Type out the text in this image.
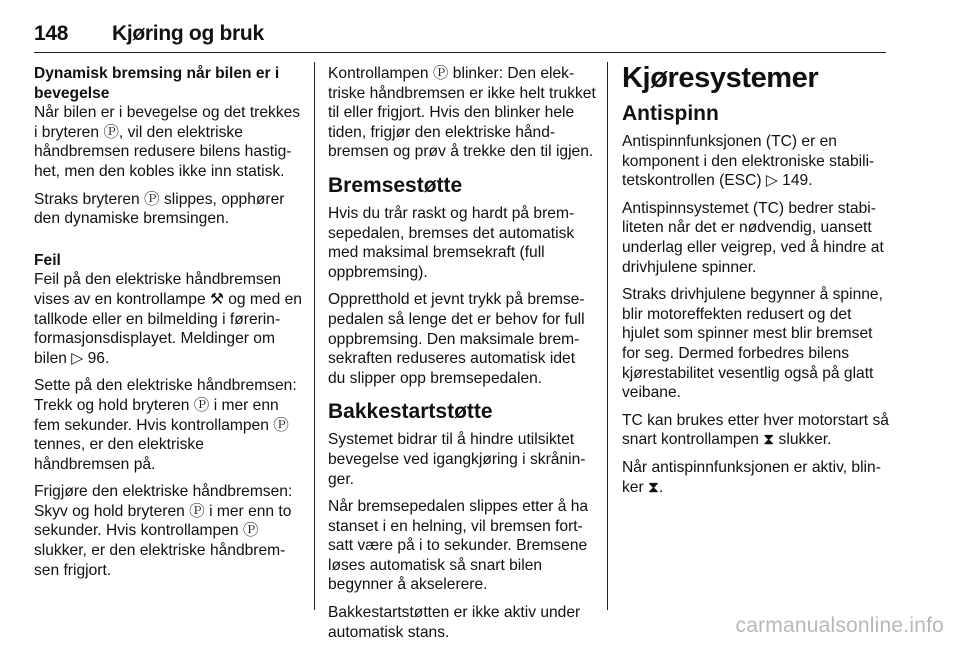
148 Kjøring og bruk

Dynamisk bremsing når bilen er i bevegelse

Når bilen er i bevegelse og det trekkes i bryteren Ⓟ, vil den elektriske håndbremsen redusere bilens hastighet, men den kobles ikke inn statisk.

Straks bryteren Ⓟ slippes, opphører den dynamiske bremsingen.

Feil

Feil på den elektriske håndbremsen vises av en kontrollampe ⚒ og med en tallkode eller en bilmelding i førerinformasjonsdisplayet. Meldinger om bilen ▷ 96.

Sette på den elektriske håndbremsen: Trekk og hold bryteren Ⓟ i mer enn fem sekunder. Hvis kontrollampen Ⓟ tennes, er den elektriske håndbremsen på.

Frigjøre den elektriske håndbremsen: Skyv og hold bryteren Ⓟ i mer enn to sekunder. Hvis kontrollampen Ⓟ slukker, er den elektriske håndbremsen frigjort.

Kontrollampen Ⓟ blinker: Den elektriske håndbremsen er ikke helt trukket til eller frigjort. Hvis den blinker hele tiden, frigjør den elektriske håndbremsen og prøv å trekke den til igjen.

Bremsestøtte

Hvis du trår raskt og hardt på bremsepedalen, bremses det automatisk med maksimal bremsekraft (full oppbremsing).

Oppretthold et jevnt trykk på bremsepedalen så lenge det er behov for full oppbremsing. Den maksimale bremsekraften reduseres automatisk idet du slipper opp bremsepedalen.

Bakkestartstøtte

Systemet bidrar til å hindre utilsiktet bevegelse ved igangkjøring i skråninger.

Når bremsepedalen slippes etter å ha stanset i en helning, vil bremsen fortsatt være på i to sekunder. Bremsene løses automatisk så snart bilen begynner å akselerere.

Bakkestartstøtten er ikke aktiv under automatisk stans.

Kjøresystemer
Antispinn

Antispinnfunksjonen (TC) er en komponent i den elektroniske stabilitetskontrollen (ESC) ▷ 149.

Antispinnsystemet (TC) bedrer stabiliteten når det er nødvendig, uansett underlag eller veigrep, ved å hindre at drivhjulene spinner.

Straks drivhjulene begynner å spinne, blir motoreffekten redusert og det hjulet som spinner mest blir bremset for seg. Dermed forbedres bilens kjørestabilitet vesentlig også på glatt veibane.

TC kan brukes etter hver motorstart så snart kontrollampen ⧗ slukker.

Når antispinnfunksjonen er aktiv, blinker ⧗.

carmanualsonline.info
